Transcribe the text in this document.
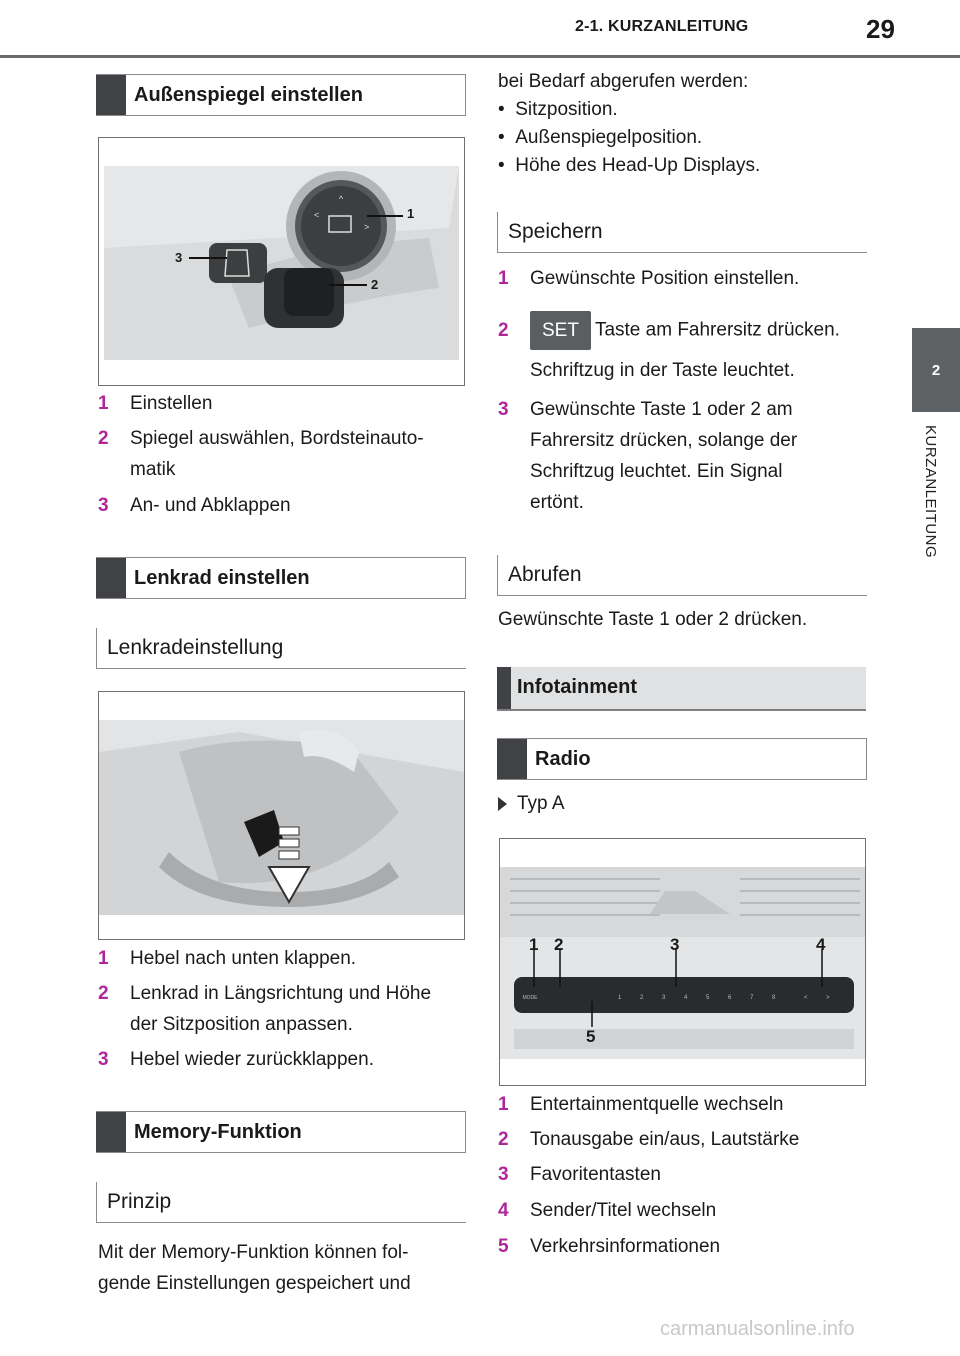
2-1. KURZANLEITUNG	29
2
KURZANLEITUNG
Außenspiegel einstellen
^
<
>
1
2
3
1 Einstellen
2 Spiegel auswählen, Bordsteinauto-
matik
3 An- und Abklappen
Lenkrad einstellen
Lenkradeinstellung
1 Hebel nach unten klappen.
2 Lenkrad in Längsrichtung und Höhe
der Sitzposition anpassen.
3 Hebel wieder zurückklappen.
Memory-Funktion
Prinzip
Mit der Memory-Funktion können fol-
gende Einstellungen gespeichert und
bei Bedarf abgerufen werden:
•  Sitzposition.
•  Außenspiegelposition.
•  Höhe des Head-Up Displays.
Speichern
1 Gewünschte Position einstellen.
2	SET Taste am Fahrersitz drücken.
Schriftzug in der Taste leuchtet.
3 Gewünschte Taste 1 oder 2 am
Fahrersitz drücken, solange der
Schriftzug leuchtet. Ein Signal
ertönt.
Abrufen
Gewünschte Taste 1 oder 2 drücken.
Infotainment
Radio
Typ A
MODE	1	2	3	4	5	6	7	8	<	>
1 2	3	4
5
1 Entertainmentquelle wechseln
2 Tonausgabe ein/aus, Lautstärke
3 Favoritentasten
4 Sender/Titel wechseln
5 Verkehrsinformationen
carmanualsonline.info
